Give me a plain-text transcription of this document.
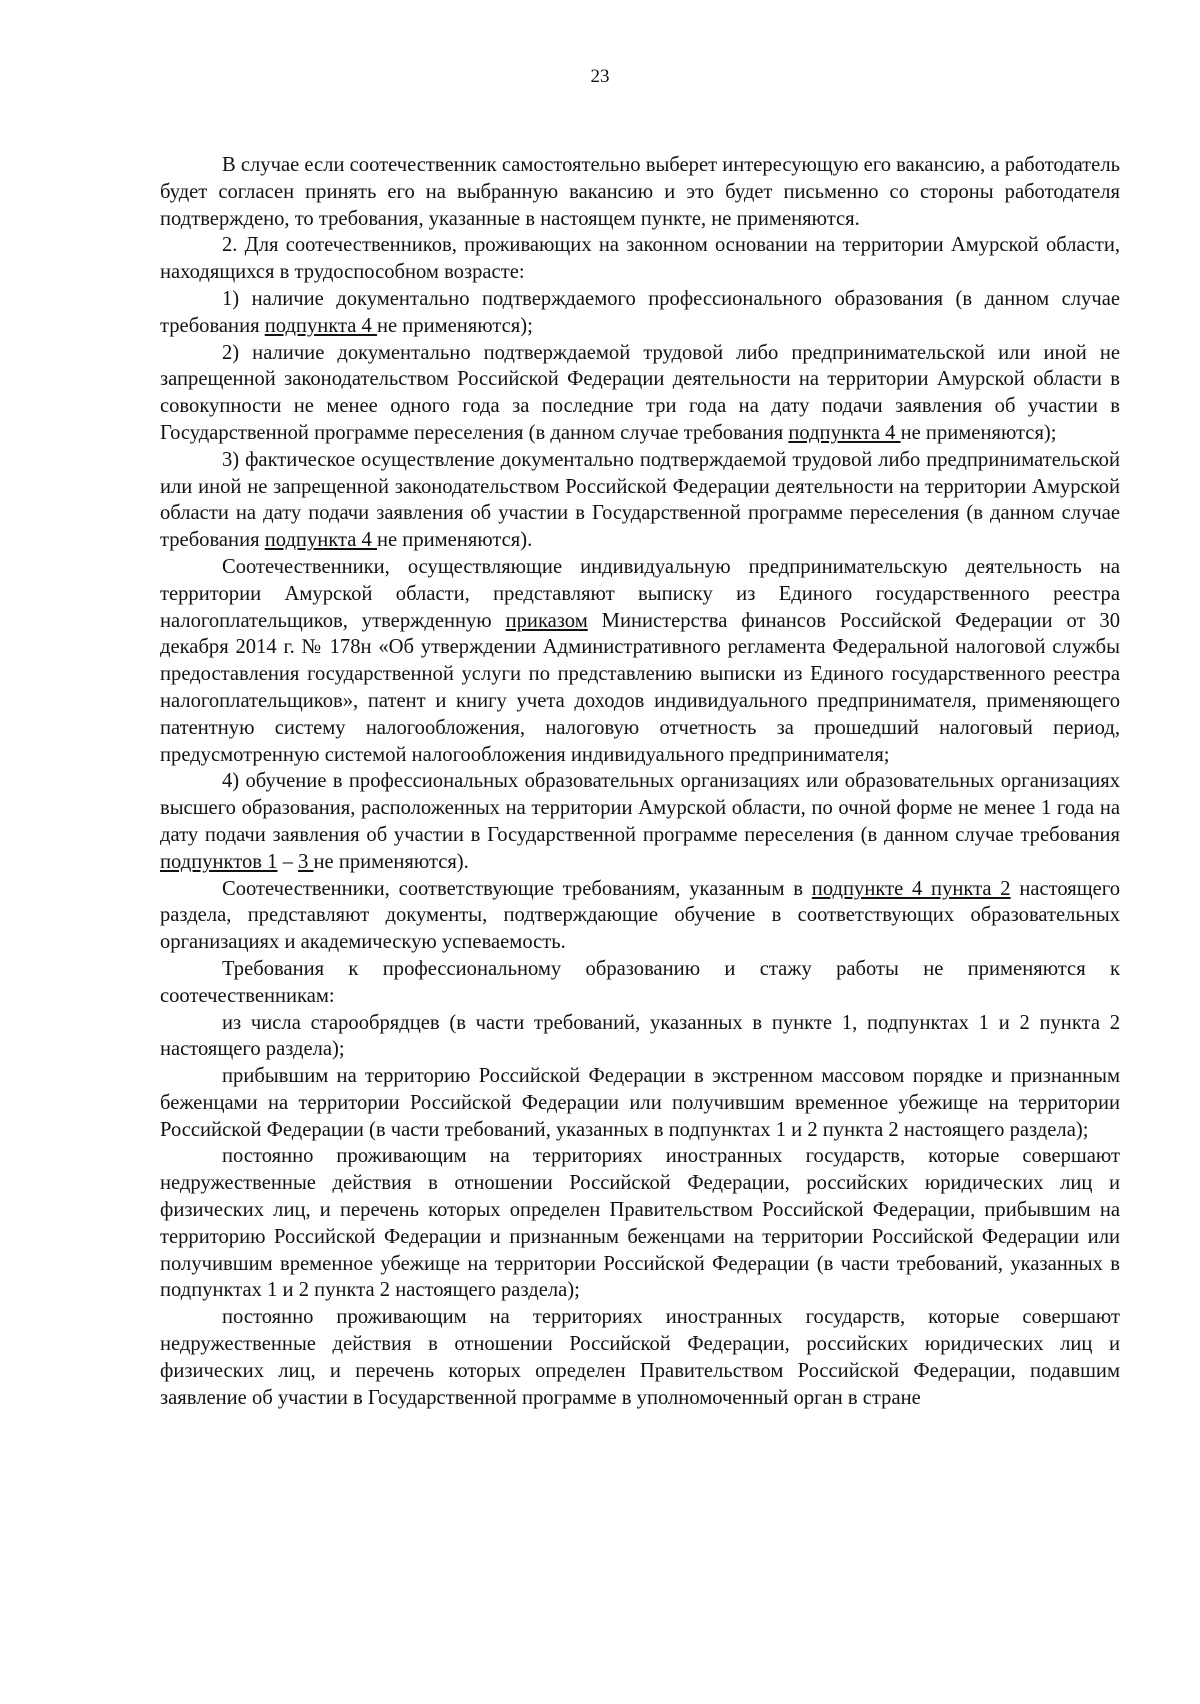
23

В случае если соотечественник самостоятельно выберет интересующую его вакансию, а работодатель будет согласен принять его на выбранную вакансию и это будет письменно со стороны работодателя подтверждено, то требования, указанные в настоящем пункте, не применяются.

2. Для соотечественников, проживающих на законном основании на территории Амурской области, находящихся в трудоспособном возрасте:

1) наличие документально подтверждаемого профессионального образования (в данном случае требования подпункта 4 не применяются);

2) наличие документально подтверждаемой трудовой либо предпринимательской или иной не запрещенной законодательством Российской Федерации деятельности на территории Амурской области в совокупности не менее одного года за последние три года на дату подачи заявления об участии в Государственной программе переселения (в данном случае требования подпункта 4 не применяются);

3) фактическое осуществление документально подтверждаемой трудовой либо предпринимательской или иной не запрещенной законодательством Российской Федерации деятельности на территории Амурской области на дату подачи заявления об участии в Государственной программе переселения (в данном случае требования подпункта 4 не применяются).

Соотечественники, осуществляющие индивидуальную предпринимательскую деятельность на территории Амурской области, представляют выписку из Единого государственного реестра налогоплательщиков, утвержденную приказом Министерства финансов Российской Федерации от 30 декабря 2014 г. № 178н «Об утверждении Административного регламента Федеральной налоговой службы предоставления государственной услуги по представлению выписки из Единого государственного реестра налогоплательщиков», патент и книгу учета доходов индивидуального предпринимателя, применяющего патентную систему налогообложения, налоговую отчетность за прошедший налоговый период, предусмотренную системой налогообложения индивидуального предпринимателя;

4) обучение в профессиональных образовательных организациях или образовательных организациях высшего образования, расположенных на территории Амурской области, по очной форме не менее 1 года на дату подачи заявления об участии в Государственной программе переселения (в данном случае требования подпунктов 1 – 3 не применяются).

Соотечественники, соответствующие требованиям, указанным в подпункте 4 пункта 2 настоящего раздела, представляют документы, подтверждающие обучение в соответствующих образовательных организациях и академическую успеваемость.

Требования к профессиональному образованию и стажу работы не применяются к соотечественникам:

из числа старообрядцев (в части требований, указанных в пункте 1, подпунктах 1 и 2 пункта 2 настоящего раздела);

прибывшим на территорию Российской Федерации в экстренном массовом порядке и признанным беженцами на территории Российской Федерации или получившим временное убежище на территории Российской Федерации (в части требований, указанных в подпунктах 1 и 2 пункта 2 настоящего раздела);

постоянно проживающим на территориях иностранных государств, которые совершают недружественные действия в отношении Российской Федерации, российских юридических лиц и физических лиц, и перечень которых определен Правительством Российской Федерации, прибывшим на территорию Российской Федерации и признанным беженцами на территории Российской Федерации или получившим временное убежище на территории Российской Федерации (в части требований, указанных в подпунктах 1 и 2 пункта 2 настоящего раздела);

постоянно проживающим на территориях иностранных государств, которые совершают недружественные действия в отношении Российской Федерации, российских юридических лиц и физических лиц, и перечень которых определен Правительством Российской Федерации, подавшим заявление об участии в Государственной программе в уполномоченный орган в стране
